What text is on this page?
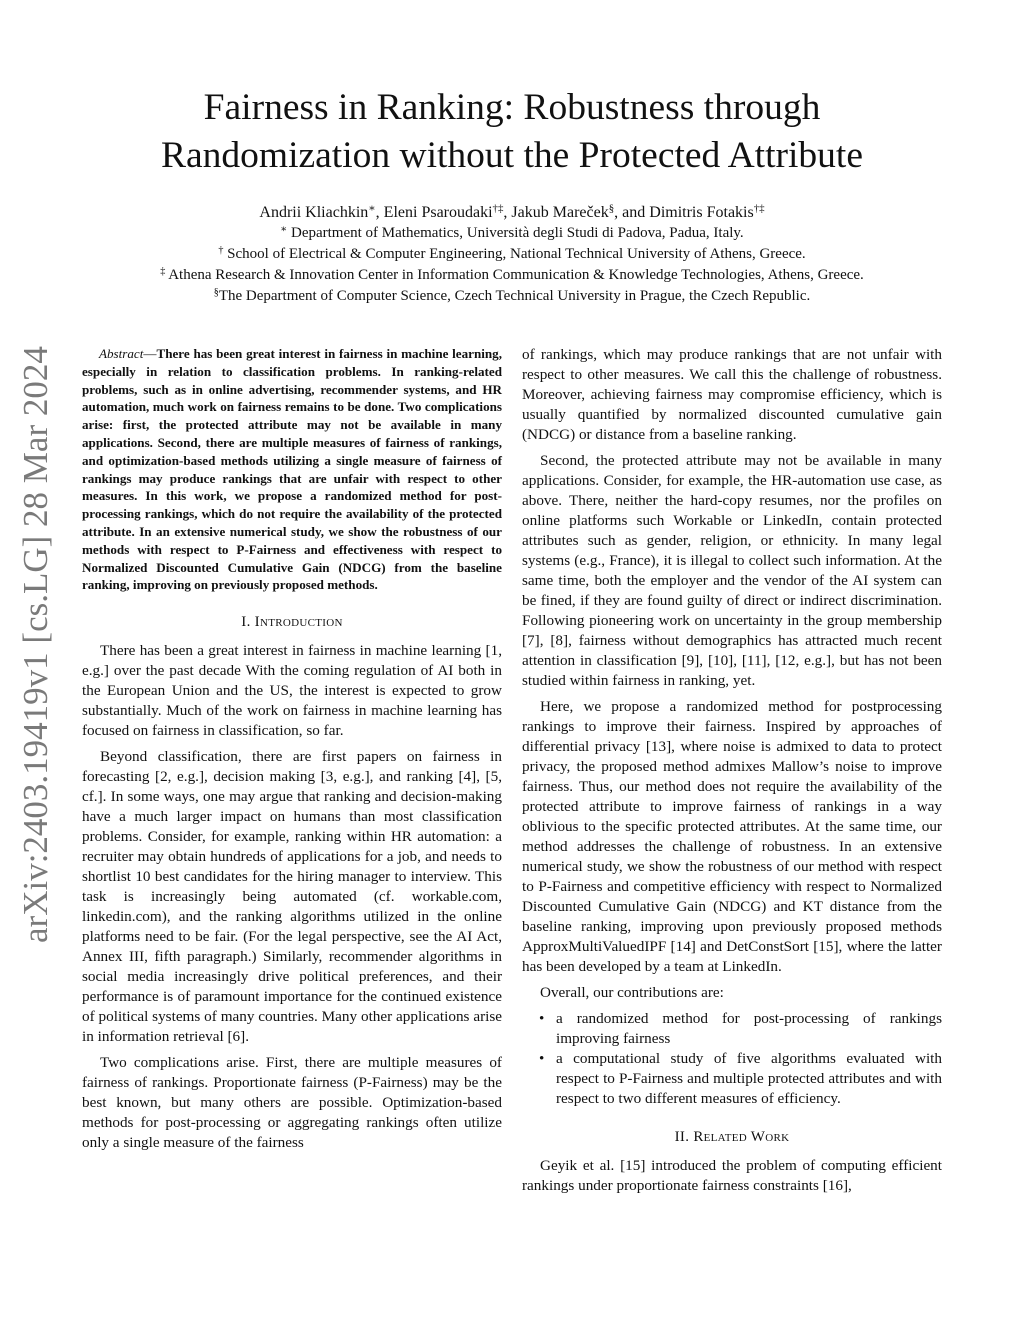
arXiv:2403.19419v1 [cs.LG] 28 Mar 2024
Fairness in Ranking: Robustness through
Randomization without the Protected Attribute
Andrii Kliachkin∗, Eleni Psaroudaki†‡, Jakub Mareček§, and Dimitris Fotakis†‡
∗ Department of Mathematics, Università degli Studi di Padova, Padua, Italy.
† School of Electrical & Computer Engineering, National Technical University of Athens, Greece.
‡ Athena Research & Innovation Center in Information Communication & Knowledge Technologies, Athens, Greece.
§The Department of Computer Science, Czech Technical University in Prague, the Czech Republic.

Abstract—There has been great interest in fairness in machine learning, especially in relation to classification problems. In ranking-related problems, such as in online advertising, recommender systems, and HR automation, much work on fairness remains to be done. Two complications arise: first, the protected attribute may not be available in many applications. Second, there are multiple measures of fairness of rankings, and optimization-based methods utilizing a single measure of fairness of rankings may produce rankings that are unfair with respect to other measures. In this work, we propose a randomized method for post-processing rankings, which do not require the availability of the protected attribute. In an extensive numerical study, we show the robustness of our methods with respect to P-Fairness and effectiveness with respect to Normalized Discounted Cumulative Gain (NDCG) from the baseline ranking, improving on previously proposed methods.

I. Introduction

There has been a great interest in fairness in machine learning [1, e.g.] over the past decade With the coming regulation of AI both in the European Union and the US, the interest is expected to grow substantially. Much of the work on fairness in machine learning has focused on fairness in classification, so far.

Beyond classification, there are first papers on fairness in forecasting [2, e.g.], decision making [3, e.g.], and ranking [4], [5, cf.]. In some ways, one may argue that ranking and decision-making have a much larger impact on humans than most classification problems. Consider, for example, ranking within HR automation: a recruiter may obtain hundreds of applications for a job, and needs to shortlist 10 best candidates for the hiring manager to interview. This task is increasingly being automated (cf. workable.com, linkedin.com), and the ranking algorithms utilized in the online platforms need to be fair. (For the legal perspective, see the AI Act, Annex III, fifth paragraph.) Similarly, recommender algorithms in social media increasingly drive political preferences, and their performance is of paramount importance for the continued existence of political systems of many countries. Many other applications arise in information retrieval [6].

Two complications arise. First, there are multiple measures of fairness of rankings. Proportionate fairness (P-Fairness) may be the best known, but many others are possible. Optimization-based methods for post-processing or aggregating rankings often utilize only a single measure of the fairness

of rankings, which may produce rankings that are not unfair with respect to other measures. We call this the challenge of robustness. Moreover, achieving fairness may compromise efficiency, which is usually quantified by normalized discounted cumulative gain (NDCG) or distance from a baseline ranking.

Second, the protected attribute may not be available in many applications. Consider, for example, the HR-automation use case, as above. There, neither the hard-copy resumes, nor the profiles on online platforms such Workable or LinkedIn, contain protected attributes such as gender, religion, or ethnicity. In many legal systems (e.g., France), it is illegal to collect such information. At the same time, both the employer and the vendor of the AI system can be fined, if they are found guilty of direct or indirect discrimination. Following pioneering work on uncertainty in the group membership [7], [8], fairness without demographics has attracted much recent attention in classification [9], [10], [11], [12, e.g.], but has not been studied within fairness in ranking, yet.

Here, we propose a randomized method for postprocessing rankings to improve their fairness. Inspired by approaches of differential privacy [13], where noise is admixed to data to protect privacy, the proposed method admixes Mallow’s noise to improve fairness. Thus, our method does not require the availability of the protected attribute to improve fairness of rankings in a way oblivious to the specific protected attributes. At the same time, our method addresses the challenge of robustness. In an extensive numerical study, we show the robustness of our method with respect to P-Fairness and competitive efficiency with respect to Normalized Discounted Cumulative Gain (NDCG) and KT distance from the baseline ranking, improving upon previously proposed methods ApproxMultiValuedIPF [14] and DetConstSort [15], where the latter has been developed by a team at LinkedIn.

Overall, our contributions are:

• a randomized method for post-processing of rankings improving fairness
• a computational study of five algorithms evaluated with respect to P-Fairness and multiple protected attributes and with respect to two different measures of efficiency.
II. Related Work

Geyik et al. [15] introduced the problem of computing efficient rankings under proportionate fairness constraints [16],
